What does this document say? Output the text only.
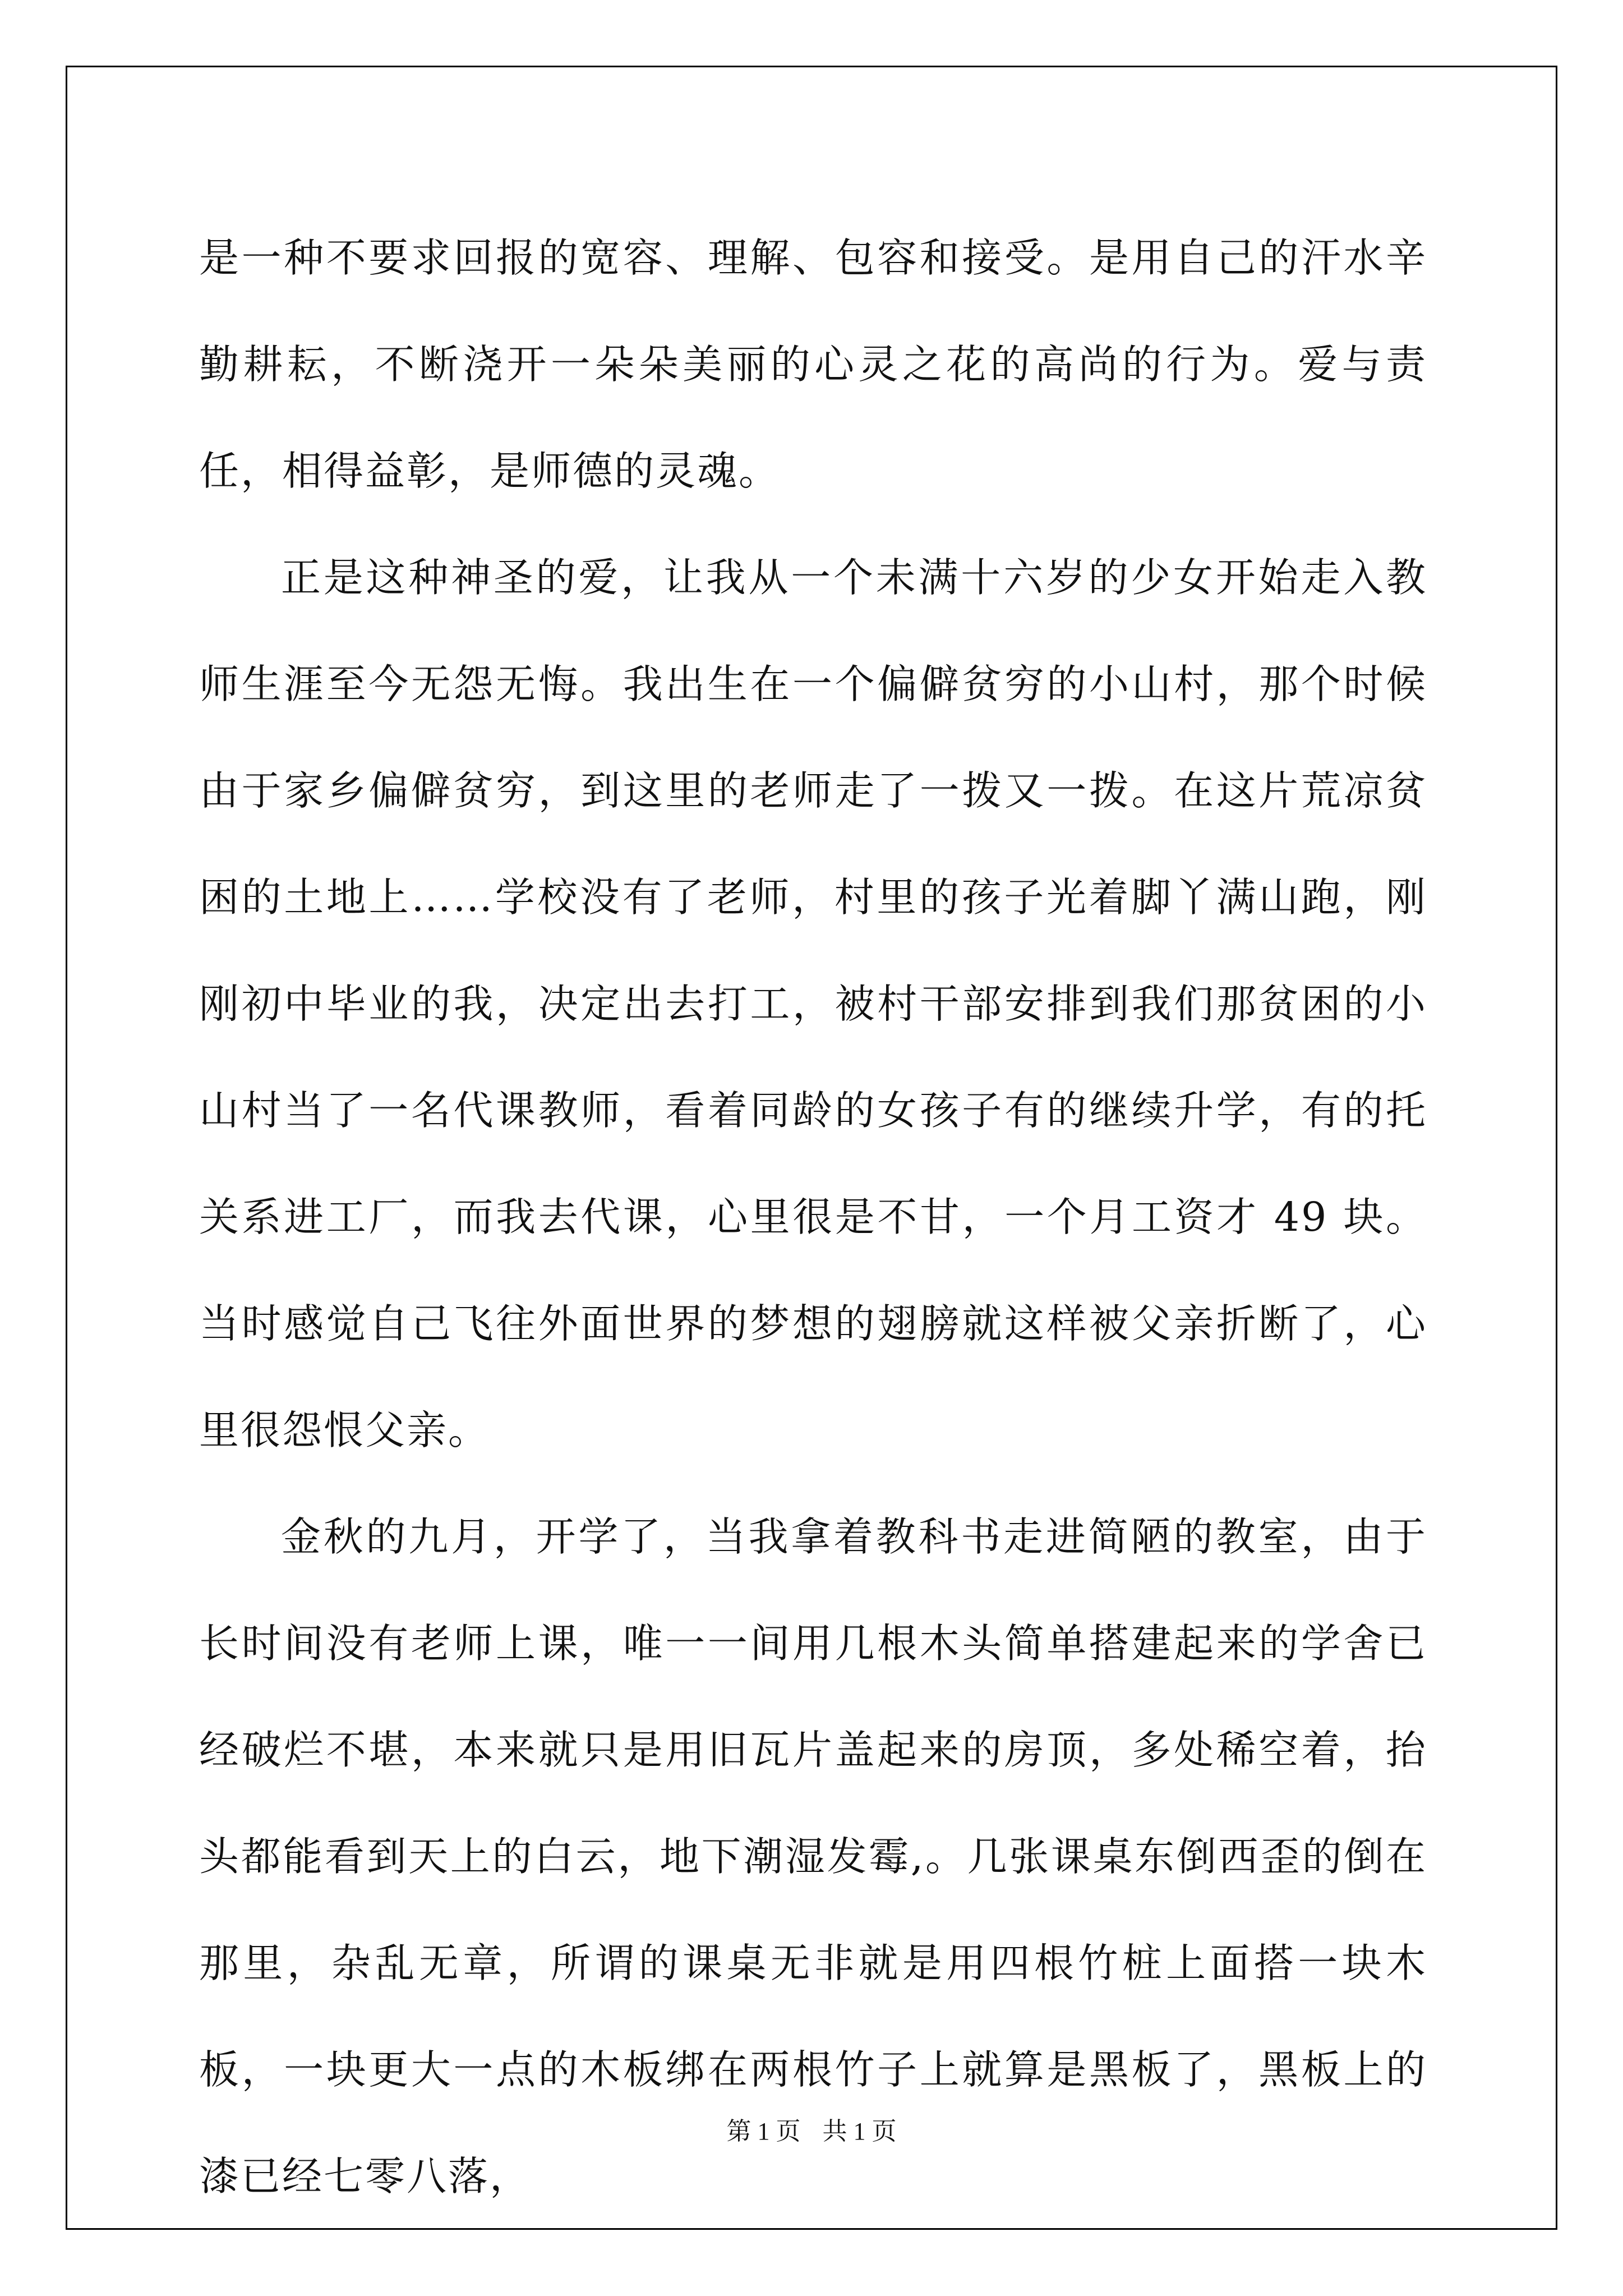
是一种不要求回报的宽容、理解、包容和接受。是用自己的汗水辛勤耕耘，不断浇开一朵朵美丽的心灵之花的高尚的行为。爱与责任，相得益彰，是师德的灵魂。

正是这种神圣的爱，让我从一个未满十六岁的少女开始走入教师生涯至今无怨无悔。我出生在一个偏僻贫穷的小山村，那个时候由于家乡偏僻贫穷，到这里的老师走了一拨又一拨。在这片荒凉贫困的土地上……学校没有了老师，村里的孩子光着脚丫满山跑，刚刚初中毕业的我，决定出去打工，被村干部安排到我们那贫困的小山村当了一名代课教师，看着同龄的女孩子有的继续升学，有的托关系进工厂，而我去代课，心里很是不甘，一个月工资才 49 块。当时感觉自己飞往外面世界的梦想的翅膀就这样被父亲折断了，心里很怨恨父亲。

金秋的九月，开学了，当我拿着教科书走进简陋的教室，由于长时间没有老师上课，唯一一间用几根木头简单搭建起来的学舍已经破烂不堪，本来就只是用旧瓦片盖起来的房顶，多处稀空着，抬头都能看到天上的白云，地下潮湿发霉,。几张课桌东倒西歪的倒在那里，杂乱无章，所谓的课桌无非就是用四根竹桩上面搭一块木板，一块更大一点的木板绑在两根竹子上就算是黑板了，黑板上的漆已经七零八落，

第 1 页 共 1 页
